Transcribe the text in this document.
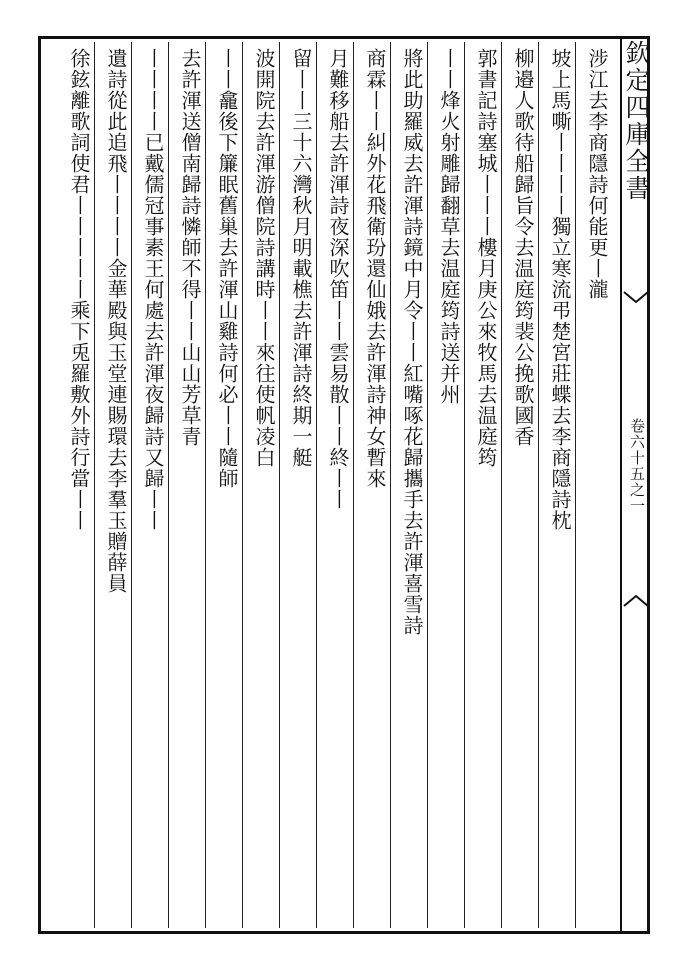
欽定四庫全書
卷六十五之一
涉江去李商隱詩何能更丨瀧
坡上馬嘶丨丨丨丨獨立寒流弔楚宮莊蝶去李商隱詩枕
柳邉人歌待船歸旨令去温庭筠裴公挽歌國香
郭書記詩塞城丨丨丨樓月庚公來牧馬去温庭筠
丨丨烽火射雕歸翻草去温庭筠詩送并州
將此助羅威去許渾詩鏡中月令丨丨紅嘴啄花歸攜手去許渾喜雪詩
商霖丨丨糾外花飛衛玢還仙娥去許渾詩神女暫來
月難移船去許渾詩夜深吹笛丨丨雲易散丨丨終丨丨
留丨丨三十六灣秋月明載樵去許渾詩終期一艇
波開院去許渾游僧院詩講時丨丨來往使帆凌白
丨丨龕後下簾眠舊巢去許渾山雞詩何必丨丨隨師
去許渾送僧南歸詩憐師不得丨丨山山芳草青
丨丨丨丨已戴儒冠事素王何處去許渾夜歸詩又歸丨丨
遺詩從此追飛丨丨丨丨金華殿與玉堂連賜環去李羣玉贈薛員
徐鉉離歌詞使君丨丨丨丨丨乘下兎羅敷外詩行當丨丨
